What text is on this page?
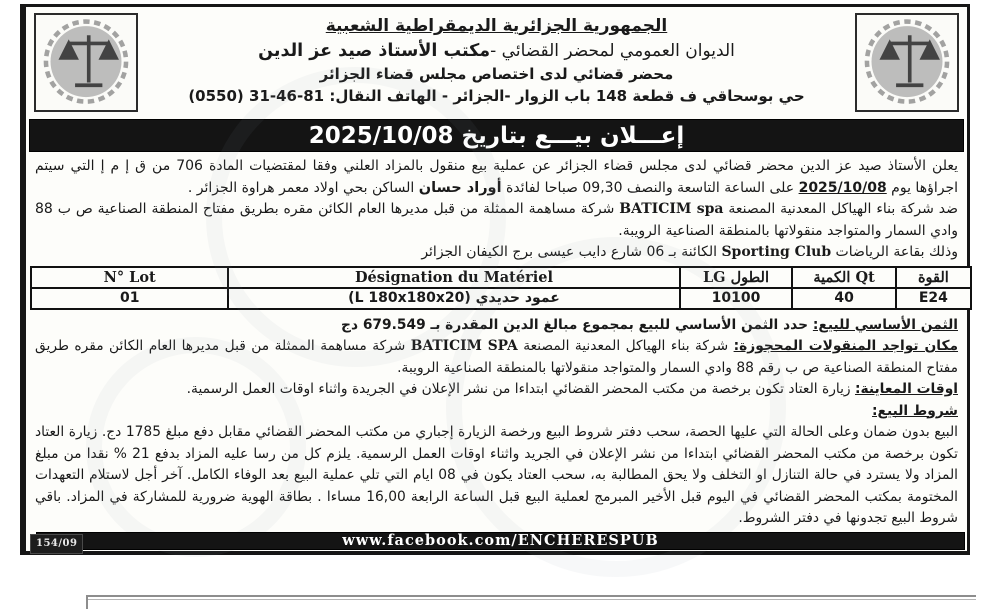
الجمهورية الجزائرية الديمقراطية الشعبية
الديوان العمومي لمحضر القضائي -مكتب الأستاذ صيد عز الدين
محضر قضائي لدى اختصاص مجلس قضاء الجزائر
حي بوسحاقي ف قطعة 148 باب الزوار -الجزائر - الهاتف النقال: (0550) 31-46-81
إعـــلان بيـــع بتاريخ 2025/10/08

يعلن الأستاذ صيد عز الدين محضر قضائي لدى مجلس قضاء الجزائر عن عملية بيع منقول بالمزاد العلني وفقا لمقتضيات المادة 706 من ق إ م إ التي سيتم اجراؤها يوم 2025/10/08 على الساعة التاسعة والنصف 09,30 صباحا لفائدة أوراد حسان الساكن بحي اولاد معمر هراوة الجزائر .

ضد شركة بناء الهياكل المعدنية المصنعة BATICIM spa شركة مساهمة الممثلة من قبل مديرها العام الكائن مقره بطريق مفتاح المنطقة الصناعية ص ب 88 وادي السمار والمتواجد منقولاتها بالمنطقة الصناعية الرويبة.

وذلك بقاعة الرياضات Sporting Club الكائنة بـ 06 شارع دايب عيسى برج الكيفان الجزائر

N° Lot	Désignation du Matériel	LG الطول	الكمية Qt	القوة
01	عمود حديدي (L 180x180x20)	10100	40	E24

الثمن الأساسي للبيع: حدد الثمن الأساسي للبيع بمجموع مبالغ الدين المقدرة بـ 679.549 دج

مكان تواجد المنقولات المحجوزة: شركة بناء الهياكل المعدنية المصنعة BATICIM SPA شركة مساهمة الممثلة من قبل مديرها العام الكائن مقره طريق مفتاح المنطقة الصناعية ص ب رقم 88 وادي السمار والمتواجد منقولاتها بالمنطقة الصناعية الرويبة.

اوقات المعاينة: زيارة العتاد تكون برخصة من مكتب المحضر القضائي ابتداءا من نشر الإعلان في الجريدة واثناء اوقات العمل الرسمية.

شروط البيع:

البيع بدون ضمان وعلى الحالة التي عليها الحصة، سحب دفتر شروط البيع ورخصة الزيارة إجباري من مكتب المحضر القضائي مقابل دفع مبلغ 1785 دج. زيارة العتاد تكون برخصة من مكتب المحضر القضائي ابتداءا من نشر الإعلان في الجريد واثناء اوقات العمل الرسمية. يلزم كل من رسا عليه المزاد بدفع 21 % نقدا من مبلغ المزاد ولا يسترد في حالة التنازل او التخلف ولا يحق المطالبة به، سحب العتاد يكون في 08 ايام التي تلي عملية البيع بعد الوفاء الكامل. آخر أجل لاستلام التعهدات المختومة بمكتب المحضر القضائي في اليوم قبل الأخير المبرمج لعملية البيع قبل الساعة الرابعة 16,00 مساءا . بطاقة الهوية ضرورية للمشاركة في المزاد. باقي شروط البيع تجدونها في دفتر الشروط.

www.facebook.com/ENCHERESPUB
154/09
